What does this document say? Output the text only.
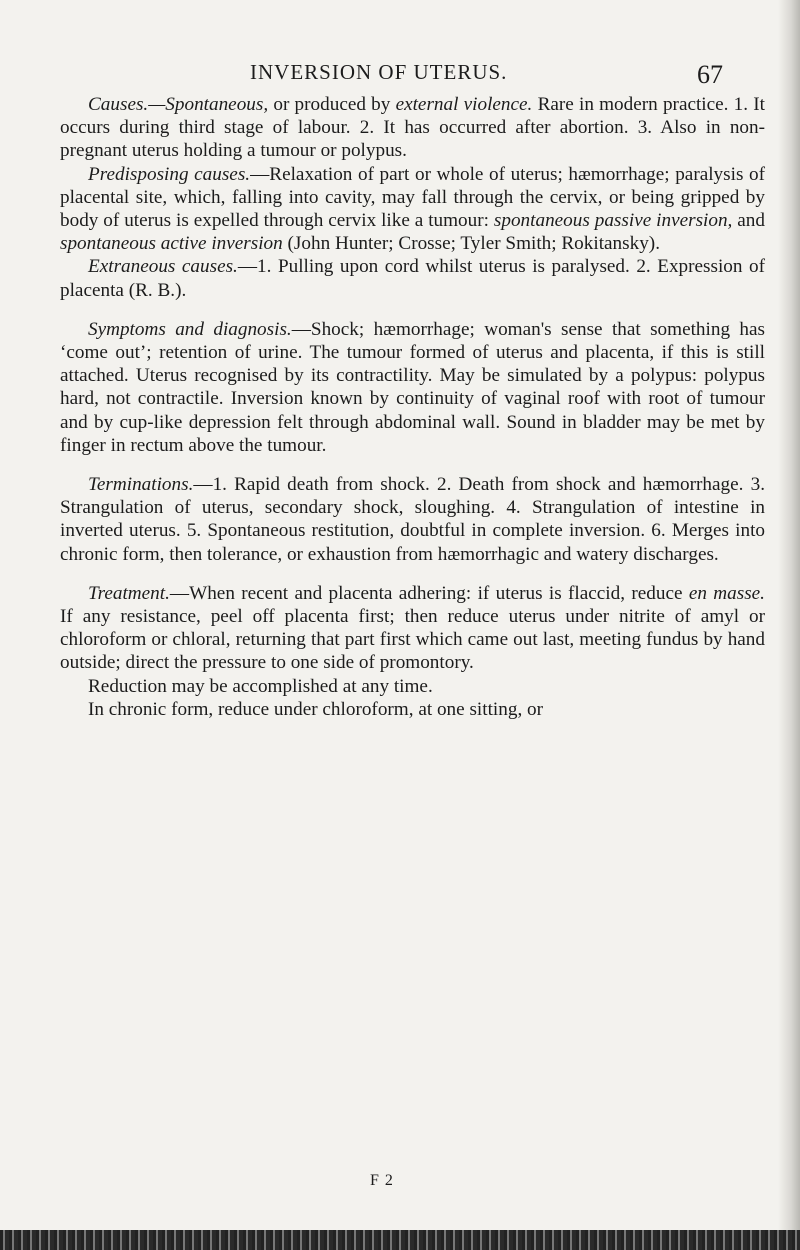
INVERSION OF UTERUS.	67

Causes.—Spontaneous, or produced by external violence. Rare in modern practice. 1. It occurs during third stage of labour. 2. It has occurred after abortion. 3. Also in non-pregnant uterus holding a tumour or polypus.

Predisposing causes.—Relaxation of part or whole of uterus; hæmorrhage; paralysis of placental site, which, falling into cavity, may fall through the cervix, or being gripped by body of uterus is expelled through cervix like a tumour: spontaneous passive inversion, and spontaneous active inversion (John Hunter; Crosse; Tyler Smith; Rokitansky).

Extraneous causes.—1. Pulling upon cord whilst uterus is paralysed. 2. Expression of placenta (R. B.).

Symptoms and diagnosis.—Shock; hæmorrhage; woman's sense that something has ‘come out’; retention of urine. The tumour formed of uterus and placenta, if this is still attached. Uterus recognised by its contractility. May be simulated by a polypus: polypus hard, not contractile. Inversion known by continuity of vaginal roof with root of tumour and by cup-like depression felt through abdominal wall. Sound in bladder may be met by finger in rectum above the tumour.

Terminations.—1. Rapid death from shock. 2. Death from shock and hæmorrhage. 3. Strangulation of uterus, secondary shock, sloughing. 4. Strangulation of intestine in inverted uterus. 5. Spontaneous restitution, doubtful in complete inversion. 6. Merges into chronic form, then tolerance, or exhaustion from hæmorrhagic and watery discharges.

Treatment.—When recent and placenta adhering: if uterus is flaccid, reduce en masse. If any resistance, peel off placenta first; then reduce uterus under nitrite of amyl or chloroform or chloral, returning that part first which came out last, meeting fundus by hand outside; direct the pressure to one side of promontory.

Reduction may be accomplished at any time.

In chronic form, reduce under chloroform, at one sitting, or

F 2
